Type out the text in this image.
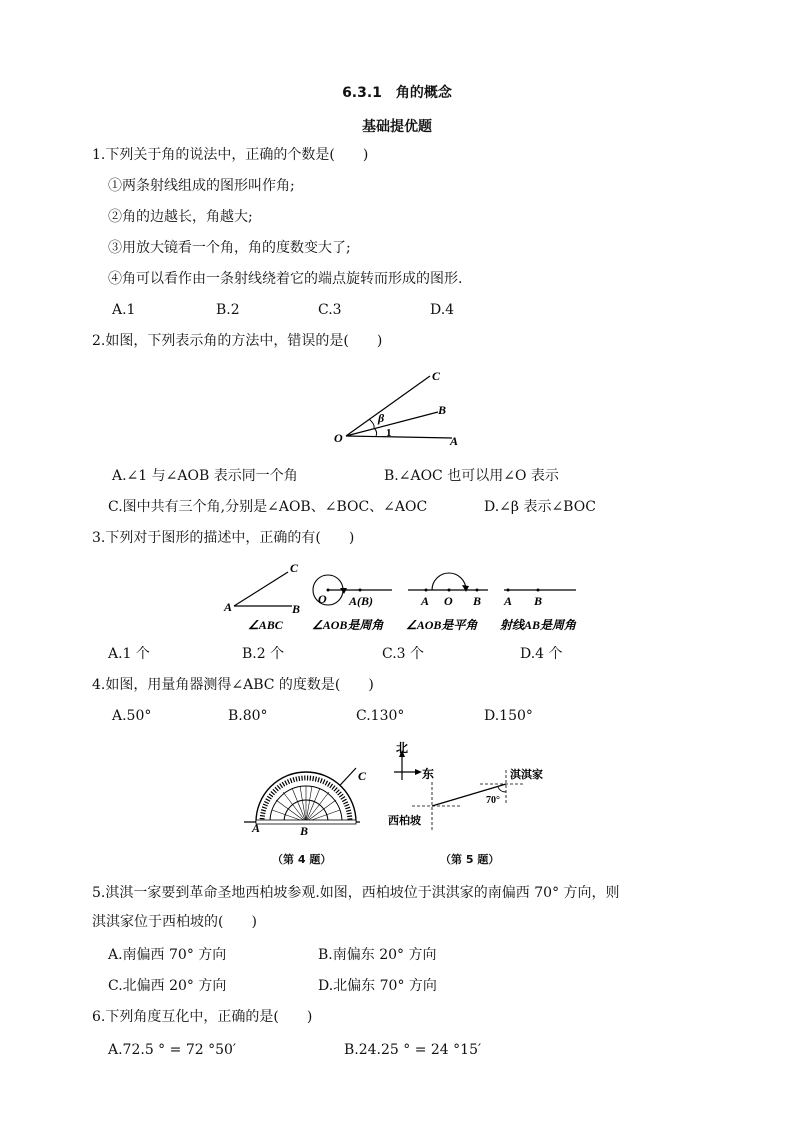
6.3.1　角的概念
基础提优题
1.下列关于角的说法中，正确的个数是(　　)
①两条射线组成的图形叫作角;
②角的边越长，角越大;
③用放大镜看一个角，角的度数变大了;
④角可以看作由一条射线绕着它的端点旋转而形成的图形.
A.1	B.2	C.3	D.4
2.如图，下列表示角的方法中，错误的是(　　)
O	A
B
C
β
1
A.∠1 与∠AOB 表示同一个角	B.∠AOC 也可以用∠O 表示
C.图中共有三个角,分别是∠AOB、∠BOC、∠AOC	D.∠β 表示∠BOC
3.下列对于图形的描述中，正确的有(　　)
A	B
C
∠ABC
O A(B)
∠AOB是周角
A O B
∠AOB是平角
A B
射线AB是周角
A.1 个	B.2 个	C.3 个	D.4 个
4.如图，用量角器测得∠ABC 的度数是(　　)
A.50°	B.80°	C.130°	D.150°
A	B
C
（第 4 题）
北
东	淇淇家
70°
西柏坡
（第 5 题）
5.淇淇一家要到革命圣地西柏坡参观.如图，西柏坡位于淇淇家的南偏西 70° 方向，则
淇淇家位于西柏坡的(　　)
A.南偏西 70° 方向	B.南偏东 20° 方向
C.北偏西 20° 方向	D.北偏东 70° 方向
6.下列角度互化中，正确的是(　　)
A.72.5 ° = 72 °50′	B.24.25 ° = 24 °15′
